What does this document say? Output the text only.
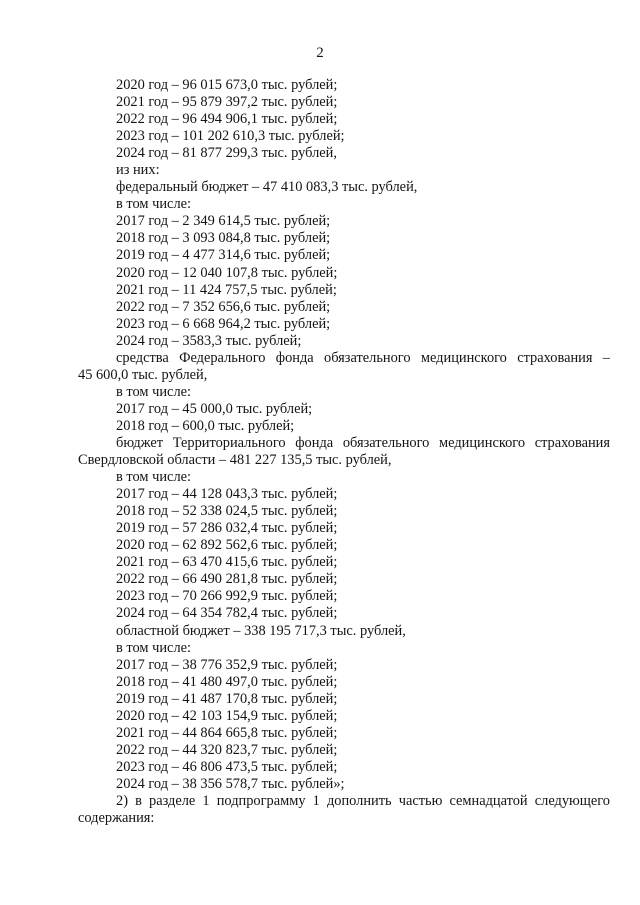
2
2020 год – 96 015 673,0 тыс. рублей;
2021 год – 95 879 397,2 тыс. рублей;
2022 год – 96 494 906,1 тыс. рублей;
2023 год – 101 202 610,3 тыс. рублей;
2024 год – 81 877 299,3 тыс. рублей,
из них:
федеральный бюджет – 47 410 083,3 тыс. рублей,
в том числе:
2017 год – 2 349 614,5 тыс. рублей;
2018 год – 3 093 084,8 тыс. рублей;
2019 год – 4 477 314,6 тыс. рублей;
2020 год – 12 040 107,8 тыс. рублей;
2021 год – 11 424 757,5 тыс. рублей;
2022 год – 7 352 656,6 тыс. рублей;
2023 год – 6 668 964,2 тыс. рублей;
2024 год – 3583,3 тыс. рублей;
средства Федерального фонда обязательного медицинского страхования –
45 600,0 тыс. рублей,
в том числе:
2017 год – 45 000,0 тыс. рублей;
2018 год – 600,0 тыс. рублей;
бюджет Территориального фонда обязательного медицинского страхования
Свердловской области – 481 227 135,5 тыс. рублей,
в том числе:
2017 год – 44 128 043,3 тыс. рублей;
2018 год – 52 338 024,5 тыс. рублей;
2019 год – 57 286 032,4 тыс. рублей;
2020 год – 62 892 562,6 тыс. рублей;
2021 год – 63 470 415,6 тыс. рублей;
2022 год – 66 490 281,8 тыс. рублей;
2023 год – 70 266 992,9 тыс. рублей;
2024 год – 64 354 782,4 тыс. рублей;
областной бюджет – 338 195 717,3 тыс. рублей,
в том числе:
2017 год – 38 776 352,9 тыс. рублей;
2018 год – 41 480 497,0 тыс. рублей;
2019 год – 41 487 170,8 тыс. рублей;
2020 год – 42 103 154,9 тыс. рублей;
2021 год – 44 864 665,8 тыс. рублей;
2022 год – 44 320 823,7 тыс. рублей;
2023 год – 46 806 473,5 тыс. рублей;
2024 год – 38 356 578,7 тыс. рублей»;
2) в разделе 1 подпрограмму 1 дополнить частью семнадцатой следующего
содержания:
